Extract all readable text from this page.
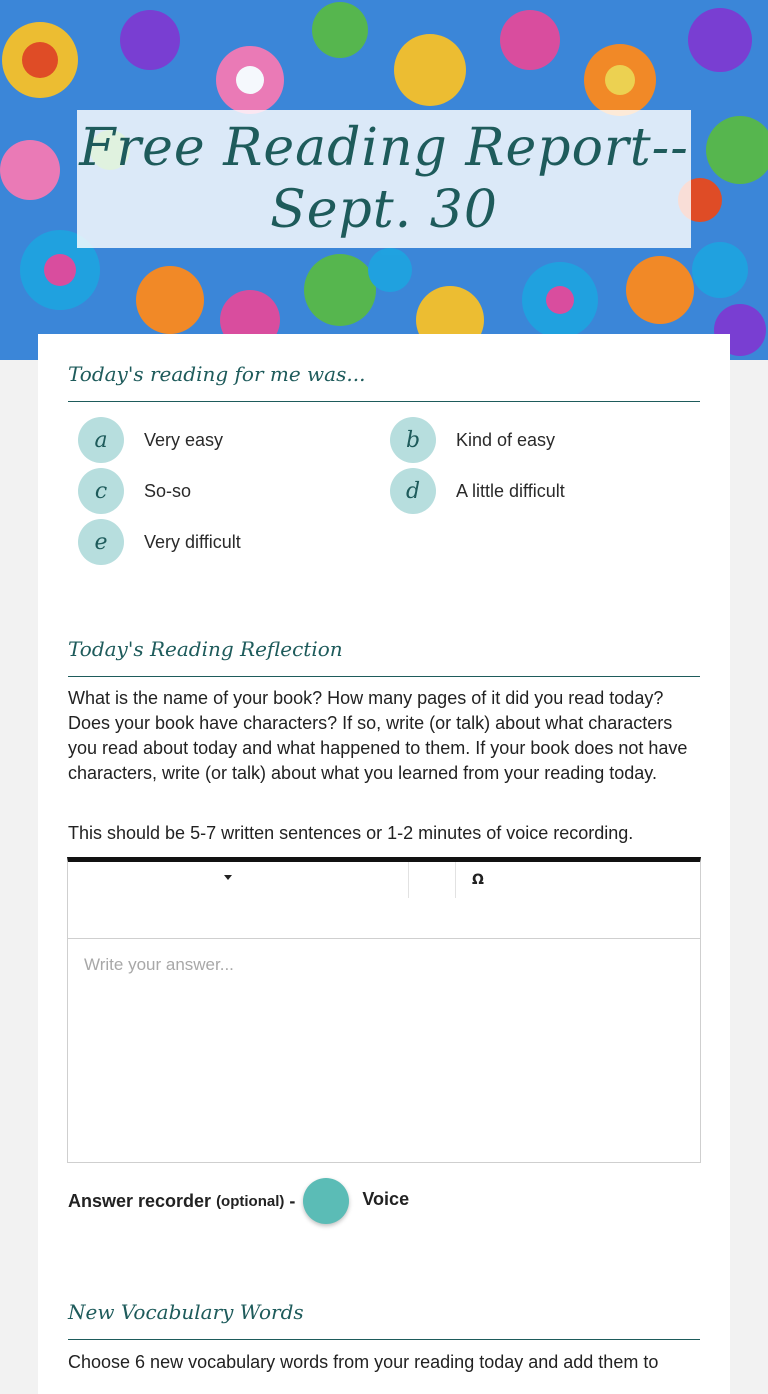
Free Reading Report-- Sept. 30
Today's reading for me was...
a	Very easy	b	Kind of easy
c	So-so	d	A little difficult
e	Very difficult
Today's Reading Reflection
What is the name of your book? How many pages of it did you read today? Does your book have characters? If so, write (or talk) about what characters you read about today and what happened to them. If your book does not have characters, write (or talk) about what you learned from your reading today.
This should be 5-7 written sentences or 1-2 minutes of voice recording.
Ω
Write your answer...
Answer recorder (optional) -	Voice
New Vocabulary Words
Choose 6 new vocabulary words from your reading today and add them to
